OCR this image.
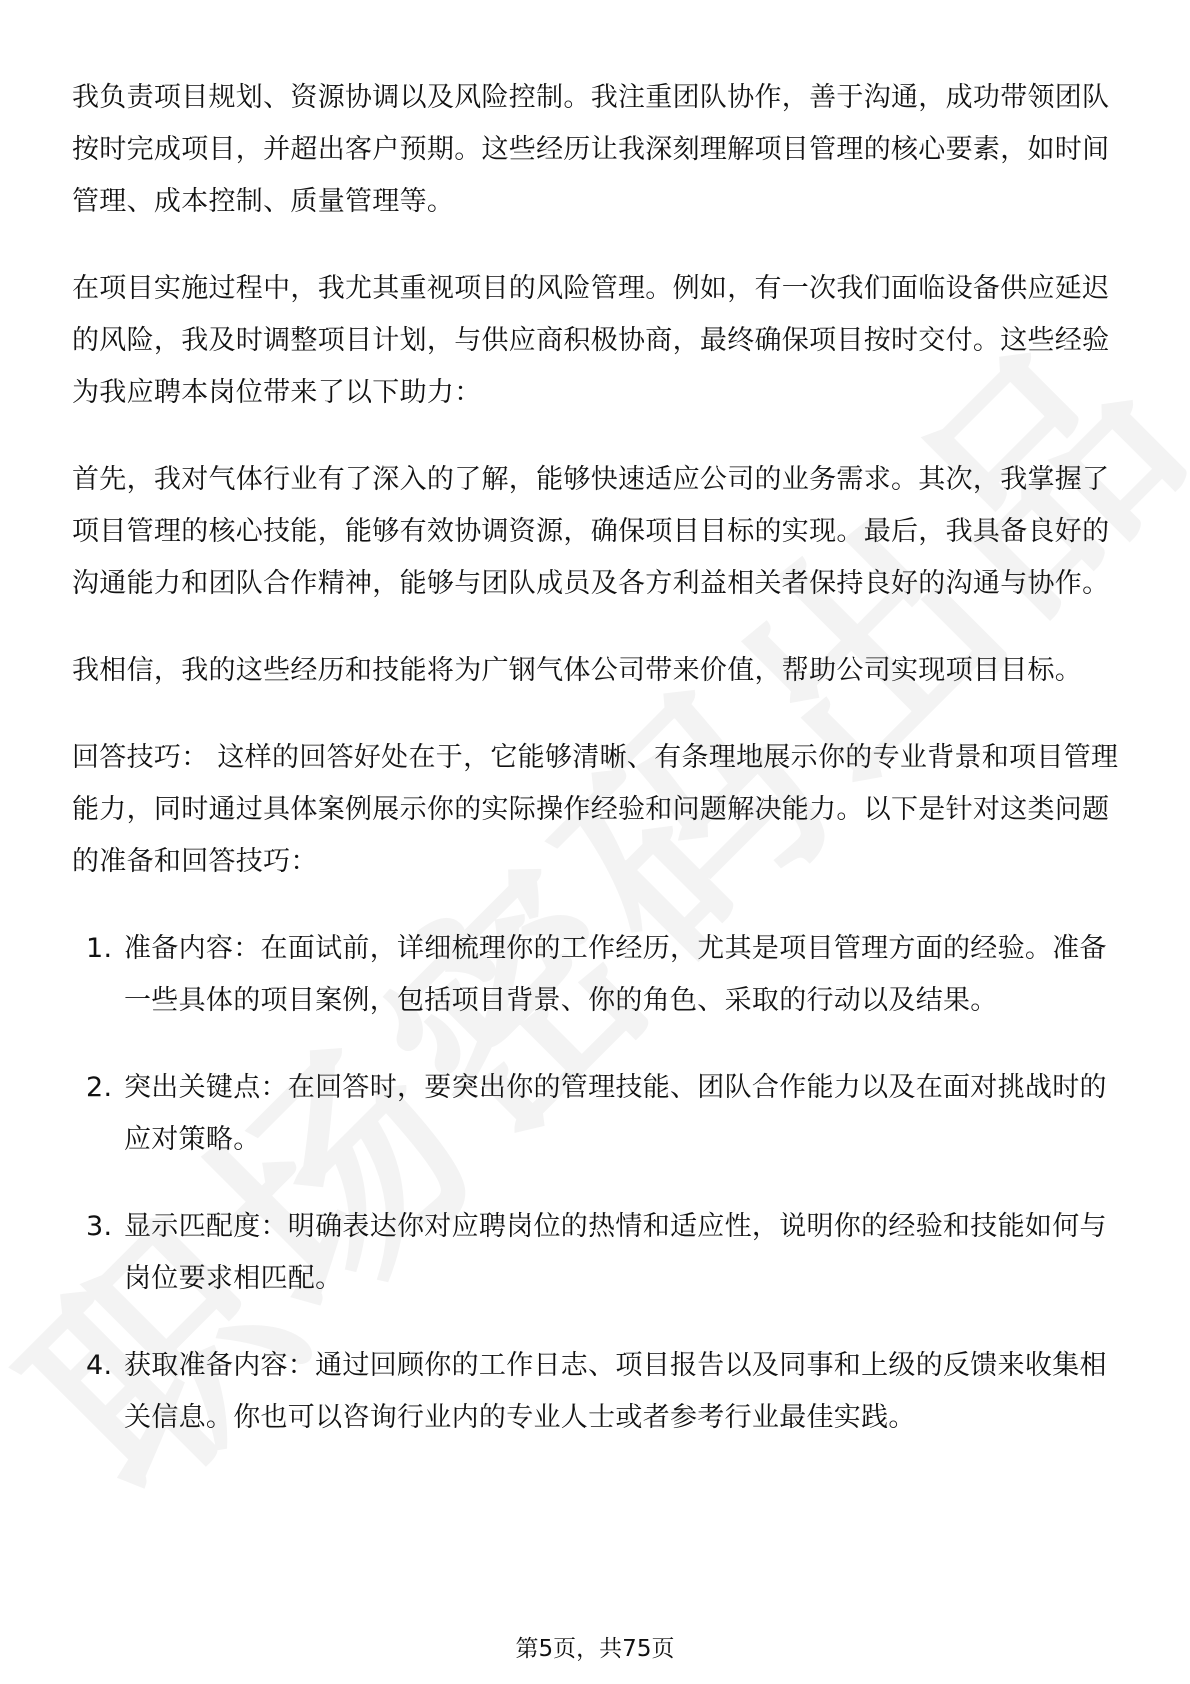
我负责项目规划、资源协调以及风险控制。我注重团队协作，善于沟通，成功带领团队按时完成项目，并超出客户预期。这些经历让我深刻理解项目管理的核心要素，如时间管理、成本控制、质量管理等。

在项目实施过程中，我尤其重视项目的风险管理。例如，有一次我们面临设备供应延迟的风险，我及时调整项目计划，与供应商积极协商，最终确保项目按时交付。这些经验为我应聘本岗位带来了以下助力：

首先，我对气体行业有了深入的了解，能够快速适应公司的业务需求。其次，我掌握了项目管理的核心技能，能够有效协调资源，确保项目目标的实现。最后，我具备良好的沟通能力和团队合作精神，能够与团队成员及各方利益相关者保持良好的沟通与协作。

我相信，我的这些经历和技能将为广钢气体公司带来价值，帮助公司实现项目目标。

回答技巧： 这样的回答好处在于，它能够清晰、有条理地展示你的专业背景和项目管理能力，同时通过具体案例展示你的实际操作经验和问题解决能力。以下是针对这类问题的准备和回答技巧：

1. 准备内容：在面试前，详细梳理你的工作经历，尤其是项目管理方面的经验。准备一些具体的项目案例，包括项目背景、你的角色、采取的行动以及结果。
2. 突出关键点：在回答时，要突出你的管理技能、团队合作能力以及在面对挑战时的应对策略。
3. 显示匹配度：明确表达你对应聘岗位的热情和适应性，说明你的经验和技能如何与岗位要求相匹配。
4. 获取准备内容：通过回顾你的工作日志、项目报告以及同事和上级的反馈来收集相关信息。你也可以咨询行业内的专业人士或者参考行业最佳实践。
第5页，共75页
